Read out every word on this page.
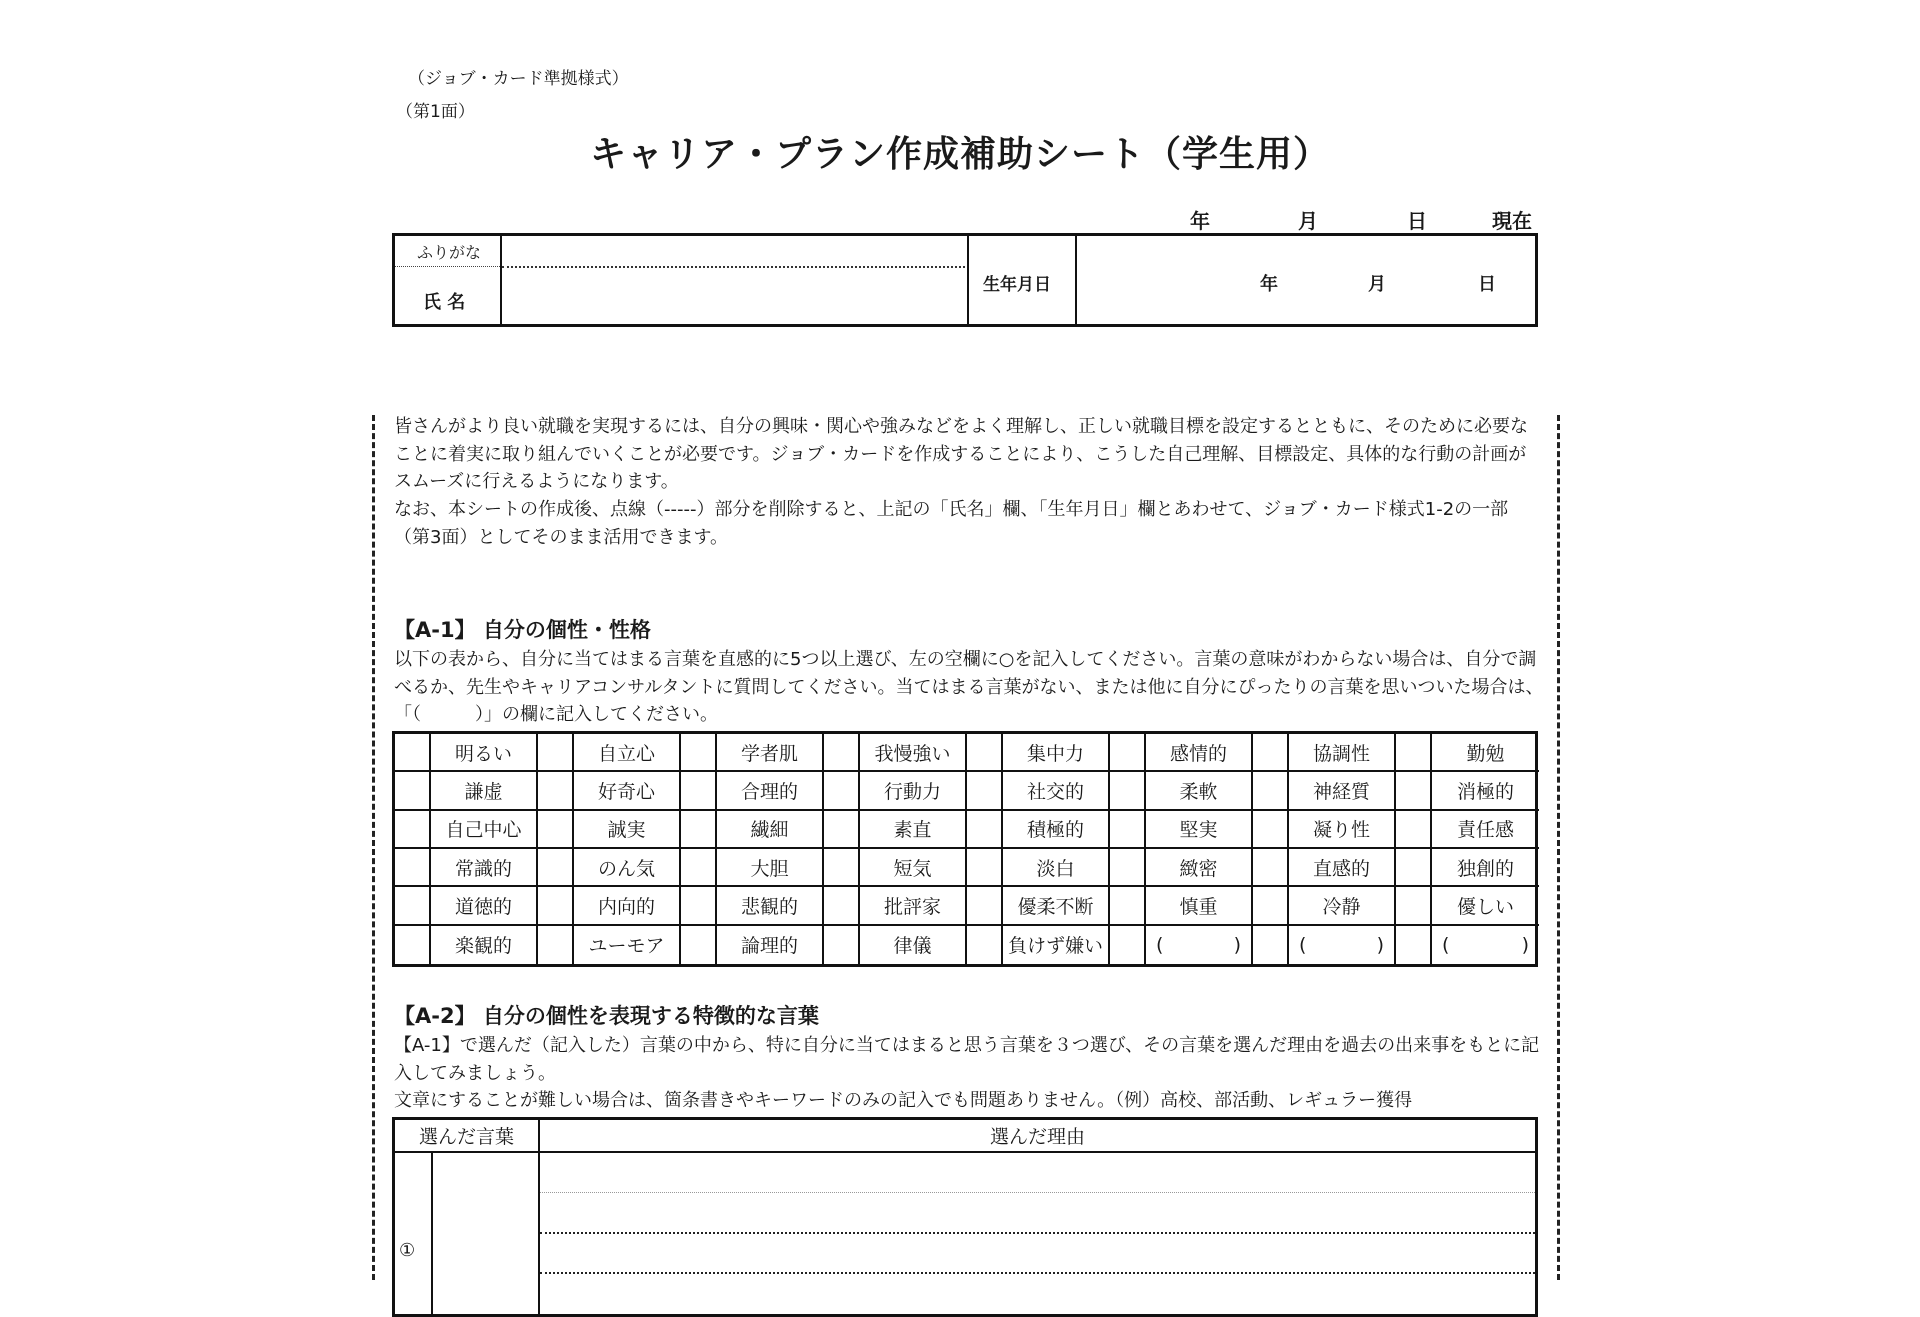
（ジョブ・カード準拠様式）
（第1面）
キャリア・プラン作成補助シート（学生用）
年	月	日	現在
ふりがな
氏 名
生年月日	年	月	日
皆さんがより良い就職を実現するには、自分の興味・関心や強みなどをよく理解し、正しい就職目標を設定するとともに、そのために必要なことに着実に取り組んでいくことが必要です。ジョブ・カードを作成することにより、こうした自己理解、目標設定、具体的な行動の計画がスムーズに行えるようになります。
なお、本シートの作成後、点線（-----）部分を削除すると、上記の「氏名」欄、「生年月日」欄とあわせて、ジョブ・カード様式1-2の一部（第3面）としてそのまま活用できます。
【A-1】 自分の個性・性格
以下の表から、自分に当てはまる言葉を直感的に5つ以上選び、左の空欄に○を記入してください。言葉の意味がわからない場合は、自分で調べるか、先生やキャリアコンサルタントに質問してください。当てはまる言葉がない、または他に自分にぴったりの言葉を思いついた場合は、「（　　　）」の欄に記入してください。
明るい	自立心	学者肌	我慢強い	集中力	感情的	協調性	勤勉
謙虚	好奇心	合理的	行動力	社交的	柔軟	神経質	消極的
自己中心	誠実	繊細	素直	積極的	堅実	凝り性	責任感
常識的	のん気	大胆	短気	淡白	緻密	直感的	独創的
道徳的	内向的	悲観的	批評家	優柔不断	慎重	冷静	優しい
楽観的	ユーモア	論理的	律儀	負けず嫌い	(	)	(	)	(	)
【A-2】 自分の個性を表現する特徴的な言葉
【A-1】で選んだ（記入した）言葉の中から、特に自分に当てはまると思う言葉を３つ選び、その言葉を選んだ理由を過去の出来事をもとに記入してみましょう。
文章にすることが難しい場合は、箇条書きやキーワードのみの記入でも問題ありません。（例）高校、部活動、レギュラー獲得
選んだ言葉	選んだ理由
①
